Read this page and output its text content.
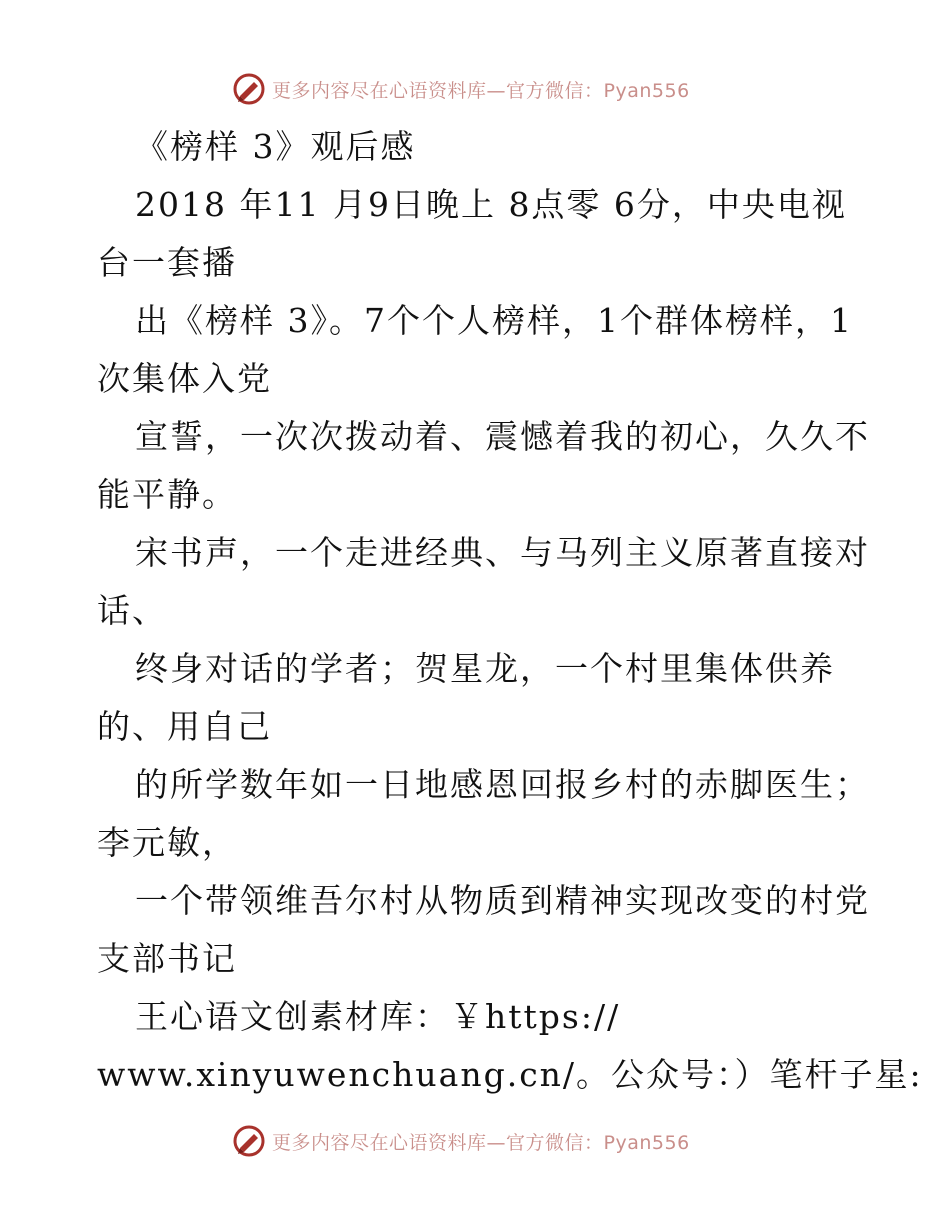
更多内容尽在心语资料库—官方微信：Pyan556
《榜样 3》观后感
2018 年11 月9日晚上 8点零 6分，中央电视
台一套播
出《榜样 3》。7个个人榜样，1个群体榜样，1
次集体入党
宣誓，一次次拨动着、震憾着我的初心，久久不
能平静。
宋书声，一个走进经典、与马列主义原著直接对
话、
终身对话的学者；贺星龙，一个村里集体供养
的、用自己
的所学数年如一日地感恩回报乡村的赤脚医生；
李元敏，
一个带领维吾尔村从物质到精神实现改变的村党
支部书记
王心语文创素材库：￥https://
www.xinyuwenchuang.cn/。公众号：）笔杆子星:
更多内容尽在心语资料库—官方微信：Pyan556
